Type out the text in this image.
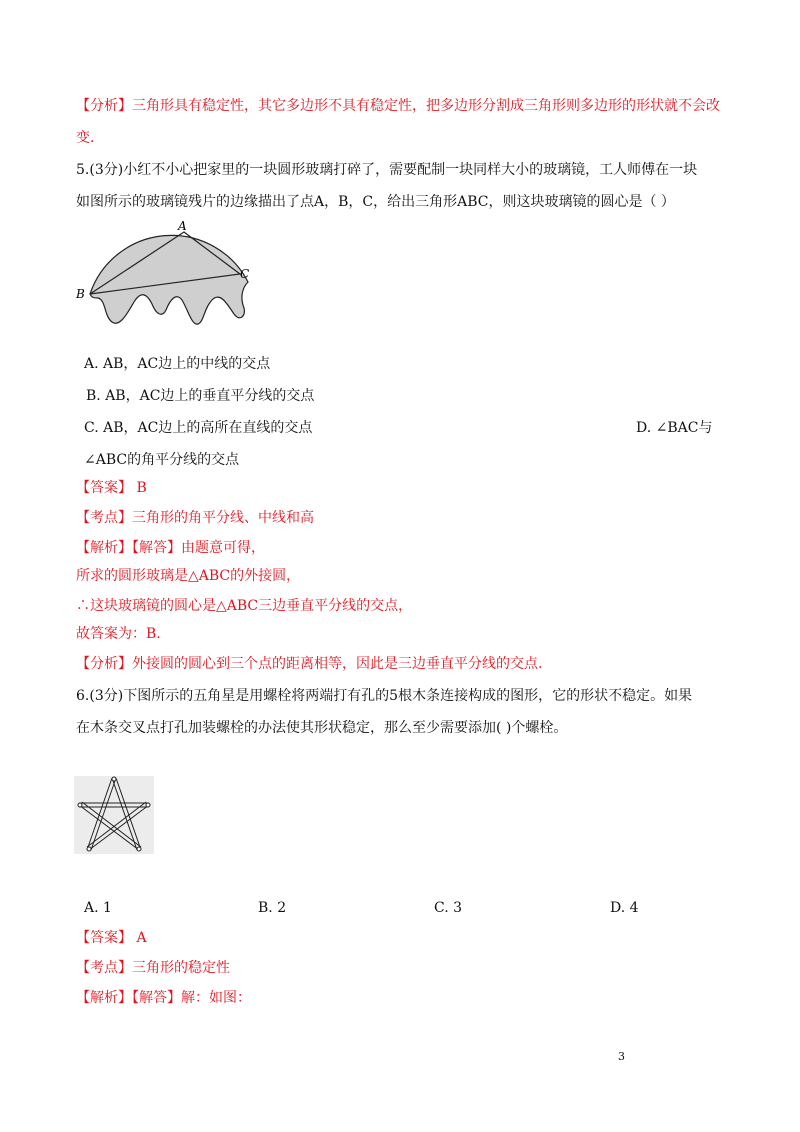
【分析】三角形具有稳定性，其它多边形不具有稳定性，把多边形分割成三角形则多边形的形状就不会改
变．
5.(3分)小红不小心把家里的一块圆形玻璃打碎了，需要配制一块同样大小的玻璃镜，工人师傅在一块
如图所示的玻璃镜残片的边缘描出了点A，B，C，给出三角形ABC，则这块玻璃镜的圆心是（ ）
A
B
C
A. AB，AC边上的中线的交点
B. AB，AC边上的垂直平分线的交点
C. AB，AC边上的高所在直线的交点	D. ∠BAC与
∠ABC的角平分线的交点
【答案】 B
【考点】三角形的角平分线、中线和高
【解析】【解答】由题意可得，
所求的圆形玻璃是△ABC的外接圆，
∴这块玻璃镜的圆心是△ABC三边垂直平分线的交点，
故答案为：B.
【分析】外接圆的圆心到三个点的距离相等，因此是三边垂直平分线的交点.
6.(3分)下图所示的五角星是用螺栓将两端打有孔的5根木条连接构成的图形，它的形状不稳定。如果
在木条交叉点打孔加装螺栓的办法使其形状稳定，那么至少需要添加( )个螺栓。
A. 1	B. 2	C. 3	D. 4
【答案】 A
【考点】三角形的稳定性
【解析】【解答】解：如图：
3
